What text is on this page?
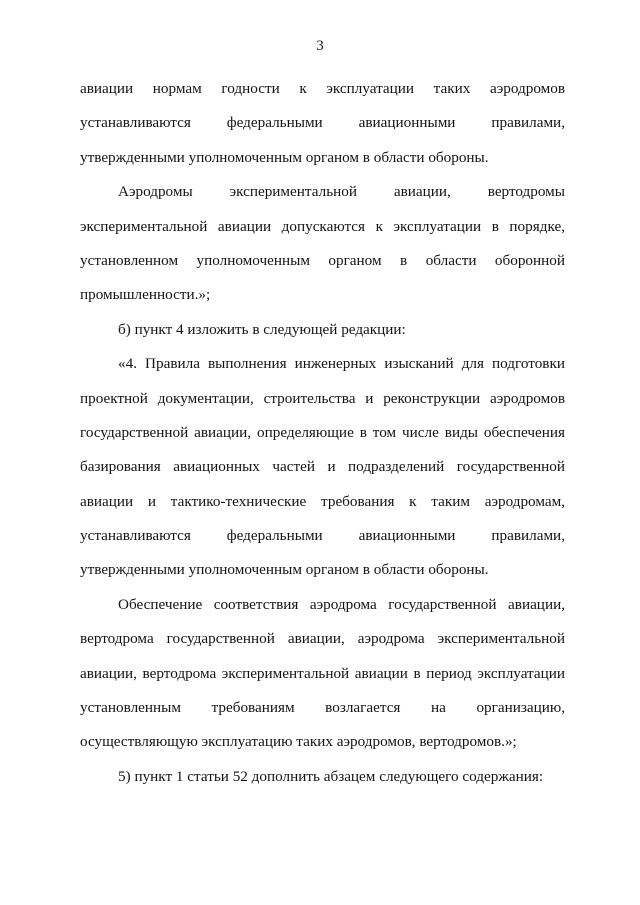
3
авиации нормам годности к эксплуатации таких аэродромов
устанавливаются федеральными авиационными правилами,
утвержденными уполномоченным органом в области обороны.
Аэродромы экспериментальной авиации, вертодромы
экспериментальной авиации допускаются к эксплуатации в порядке,
установленном уполномоченным органом в области оборонной
промышленности.»;
б) пункт 4 изложить в следующей редакции:
«4. Правила выполнения инженерных изысканий для подготовки
проектной документации, строительства и реконструкции аэродромов
государственной авиации, определяющие в том числе виды обеспечения
базирования авиационных частей и подразделений государственной
авиации и тактико-технические требования к таким аэродромам,
устанавливаются федеральными авиационными правилами,
утвержденными уполномоченным органом в области обороны.
Обеспечение соответствия аэродрома государственной авиации,
вертодрома государственной авиации, аэродрома экспериментальной
авиации, вертодрома экспериментальной авиации в период эксплуатации
установленным требованиям возлагается на организацию,
осуществляющую эксплуатацию таких аэродромов, вертодромов.»;
5) пункт 1 статьи 52 дополнить абзацем следующего содержания:
